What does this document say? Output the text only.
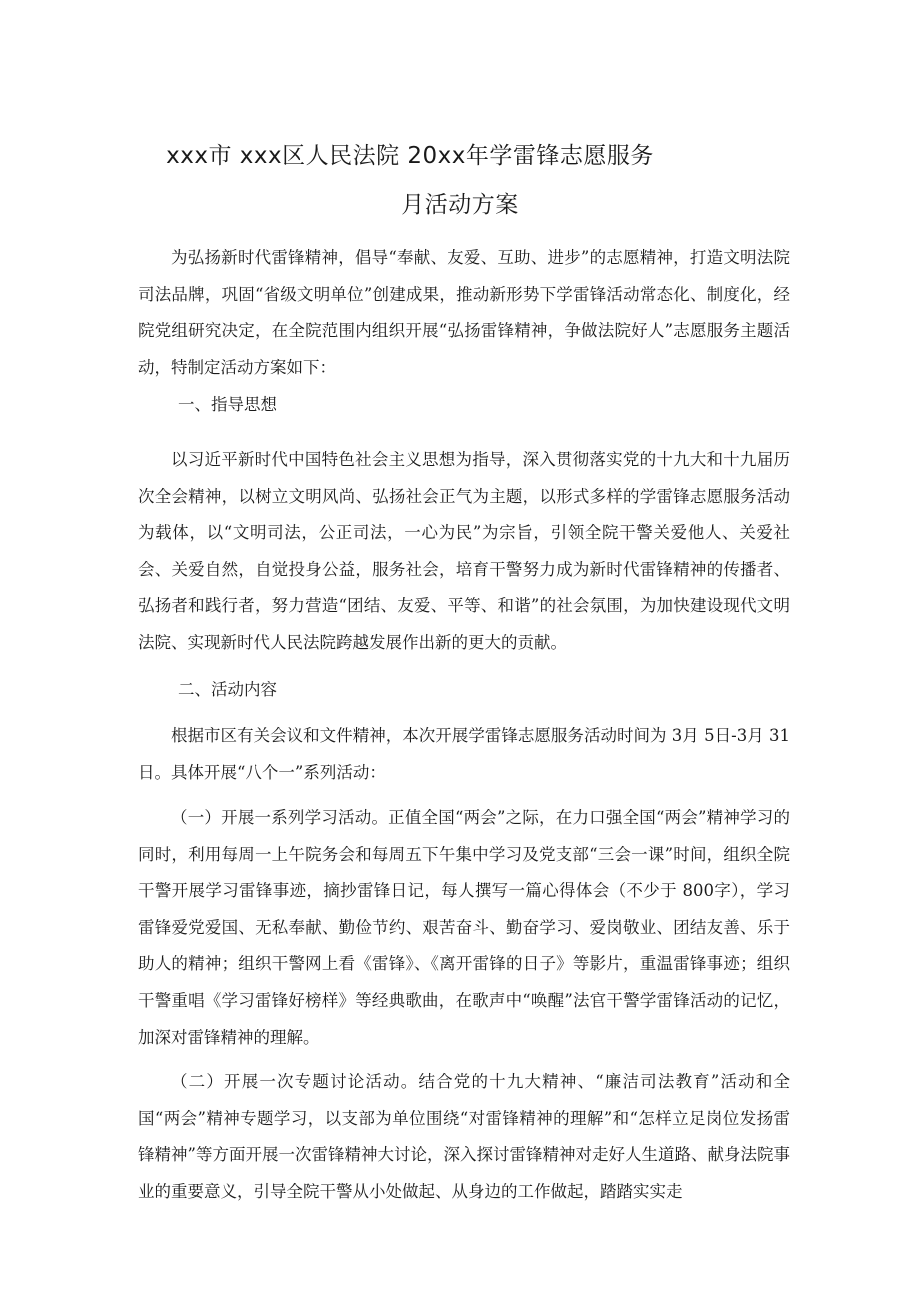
xxx市 xxx区人民法院 20xx年学雷锋志愿服务
月活动方案

为弘扬新时代雷锋精神，倡导“奉献、友爱、互助、进步”的志愿精神，打造文明法院司法品牌，巩固“省级文明单位”创建成果，推动新形势下学雷锋活动常态化、制度化，经院党组研究决定，在全院范围内组织开展“弘扬雷锋精神，争做法院好人”志愿服务主题活动，特制定活动方案如下：

一、指导思想

以习近平新时代中国特色社会主义思想为指导，深入贯彻落实党的十九大和十九届历次全会精神，以树立文明风尚、弘扬社会正气为主题，以形式多样的学雷锋志愿服务活动为载体，以“文明司法，公正司法，一心为民”为宗旨，引领全院干警关爱他人、关爱社会、关爱自然，自觉投身公益，服务社会，培育干警努力成为新时代雷锋精神的传播者、弘扬者和践行者，努力营造“团结、友爱、平等、和谐”的社会氛围，为加快建设现代文明法院、实现新时代人民法院跨越发展作出新的更大的贡献。

二、活动内容

根据市区有关会议和文件精神，本次开展学雷锋志愿服务活动时间为 3月 5日-3月 31日。具体开展“八个一”系列活动：

（一）开展一系列学习活动。正值全国“两会”之际，在力口强全国“两会”精神学习的同时，利用每周一上午院务会和每周五下午集中学习及党支部“三会一课”时间，组织全院干警开展学习雷锋事迹，摘抄雷锋日记，每人撰写一篇心得体会（不少于 800字），学习雷锋爱党爱国、无私奉献、勤俭节约、艰苦奋斗、勤奋学习、爱岗敬业、团结友善、乐于助人的精神；组织干警网上看《雷锋》、《离开雷锋的日子》等影片，重温雷锋事迹；组织干警重唱《学习雷锋好榜样》等经典歌曲，在歌声中“唤醒”法官干警学雷锋活动的记忆，加深对雷锋精神的理解。

（二）开展一次专题讨论活动。结合党的十九大精神、“廉洁司法教育”活动和全国“两会”精神专题学习，以支部为单位围绕“对雷锋精神的理解”和“怎样立足岗位发扬雷锋精神”等方面开展一次雷锋精神大讨论，深入探讨雷锋精神对走好人生道路、献身法院事业的重要意义，引导全院干警从小处做起、从身边的工作做起，踏踏实实走
